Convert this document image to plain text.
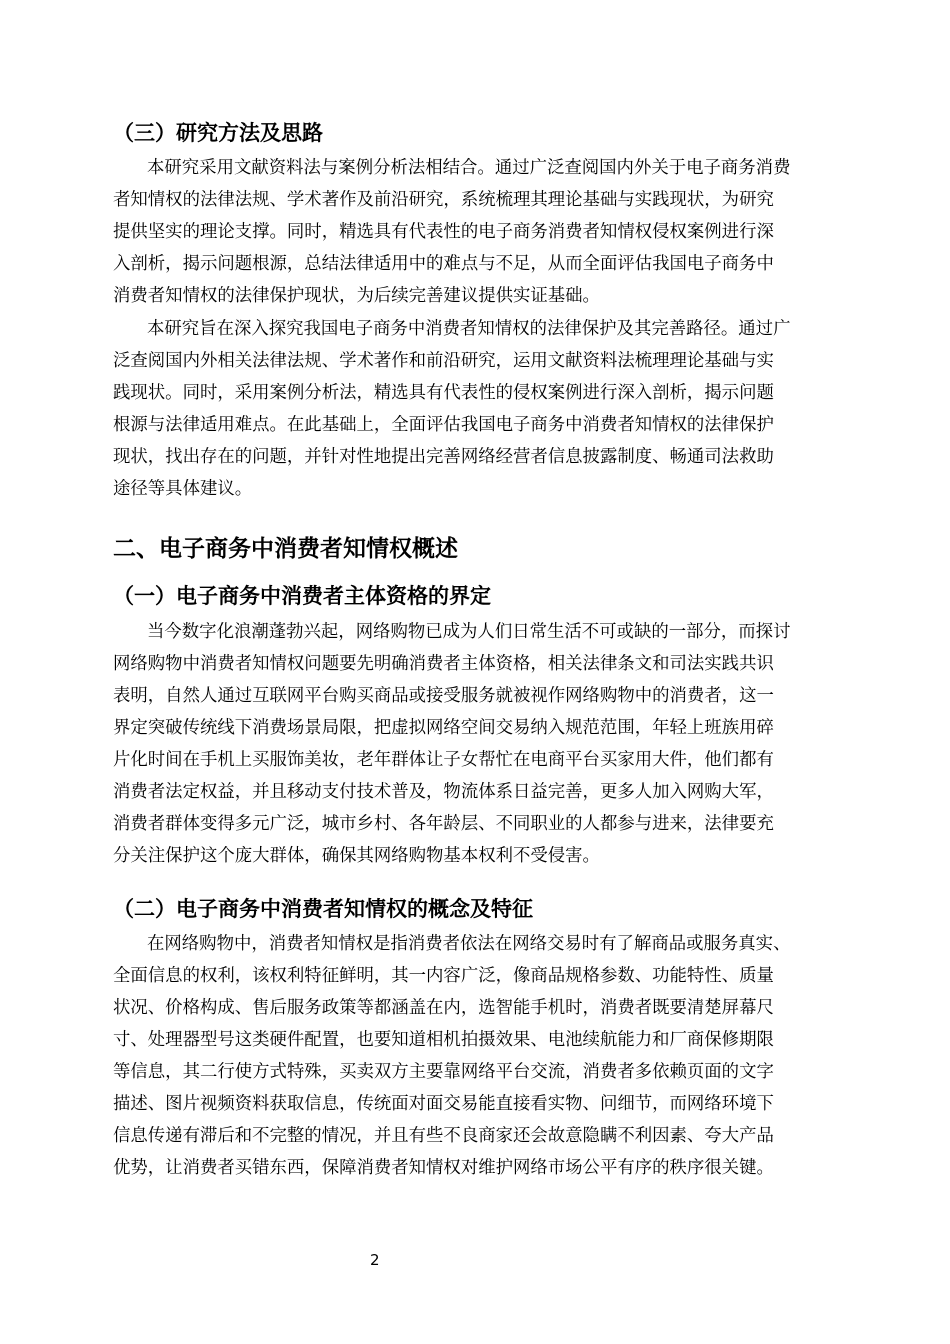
（三）研究方法及思路

本研究采用文献资料法与案例分析法相结合。通过广泛查阅国内外关于电子商务消费

者知情权的法律法规、学术著作及前沿研究，系统梳理其理论基础与实践现状，为研究

提供坚实的理论支撑。同时，精选具有代表性的电子商务消费者知情权侵权案例进行深

入剖析，揭示问题根源，总结法律适用中的难点与不足，从而全面评估我国电子商务中

消费者知情权的法律保护现状，为后续完善建议提供实证基础。

本研究旨在深入探究我国电子商务中消费者知情权的法律保护及其完善路径。通过广

泛查阅国内外相关法律法规、学术著作和前沿研究，运用文献资料法梳理理论基础与实

践现状。同时，采用案例分析法，精选具有代表性的侵权案例进行深入剖析，揭示问题

根源与法律适用难点。在此基础上，全面评估我国电子商务中消费者知情权的法律保护

现状，找出存在的问题，并针对性地提出完善网络经营者信息披露制度、畅通司法救助

途径等具体建议。

二、电子商务中消费者知情权概述
（一）电子商务中消费者主体资格的界定

当今数字化浪潮蓬勃兴起，网络购物已成为人们日常生活不可或缺的一部分，而探讨

网络购物中消费者知情权问题要先明确消费者主体资格，相关法律条文和司法实践共识

表明，自然人通过互联网平台购买商品或接受服务就被视作网络购物中的消费者，这一

界定突破传统线下消费场景局限，把虚拟网络空间交易纳入规范范围，年轻上班族用碎

片化时间在手机上买服饰美妆，老年群体让子女帮忙在电商平台买家用大件，他们都有

消费者法定权益，并且移动支付技术普及，物流体系日益完善，更多人加入网购大军，

消费者群体变得多元广泛，城市乡村、各年龄层、不同职业的人都参与进来，法律要充

分关注保护这个庞大群体，确保其网络购物基本权利不受侵害。

（二）电子商务中消费者知情权的概念及特征

在网络购物中，消费者知情权是指消费者依法在网络交易时有了解商品或服务真实、

全面信息的权利，该权利特征鲜明，其一内容广泛，像商品规格参数、功能特性、质量

状况、价格构成、售后服务政策等都涵盖在内，选智能手机时，消费者既要清楚屏幕尺

寸、处理器型号这类硬件配置，也要知道相机拍摄效果、电池续航能力和厂商保修期限

等信息，其二行使方式特殊，买卖双方主要靠网络平台交流，消费者多依赖页面的文字

描述、图片视频资料获取信息，传统面对面交易能直接看实物、问细节，而网络环境下

信息传递有滞后和不完整的情况，并且有些不良商家还会故意隐瞒不利因素、夸大产品

优势，让消费者买错东西，保障消费者知情权对维护网络市场公平有序的秩序很关键。

2
